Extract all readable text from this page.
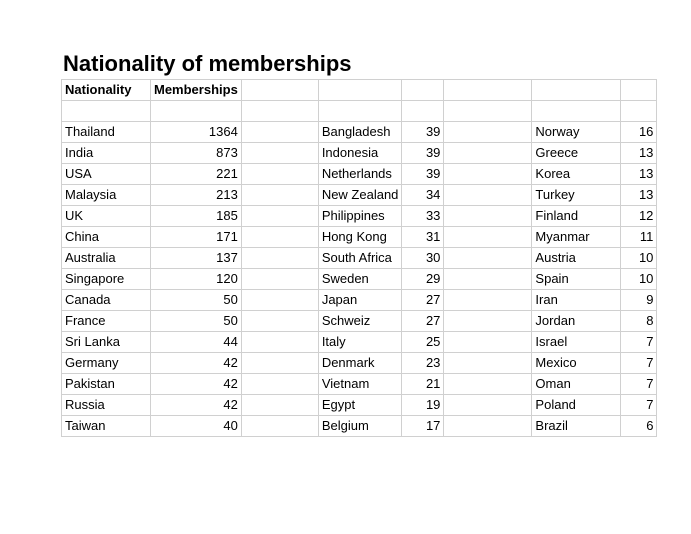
Nationality of memberships
Nationality	Memberships						

Thailand	1364		Bangladesh	39		Norway	16
India	873		Indonesia	39		Greece	13
USA	221		Netherlands	39		Korea	13
Malaysia	213		New Zealand	34		Turkey	13
UK	185		Philippines	33		Finland	12
China	171		Hong Kong	31		Myanmar	11
Australia	137		South Africa	30		Austria	10
Singapore	120		Sweden	29		Spain	10
Canada	50		Japan	27		Iran	9
France	50		Schweiz	27		Jordan	8
Sri Lanka	44		Italy	25		Israel	7
Germany	42		Denmark	23		Mexico	7
Pakistan	42		Vietnam	21		Oman	7
Russia	42		Egypt	19		Poland	7
Taiwan	40		Belgium	17		Brazil	6
